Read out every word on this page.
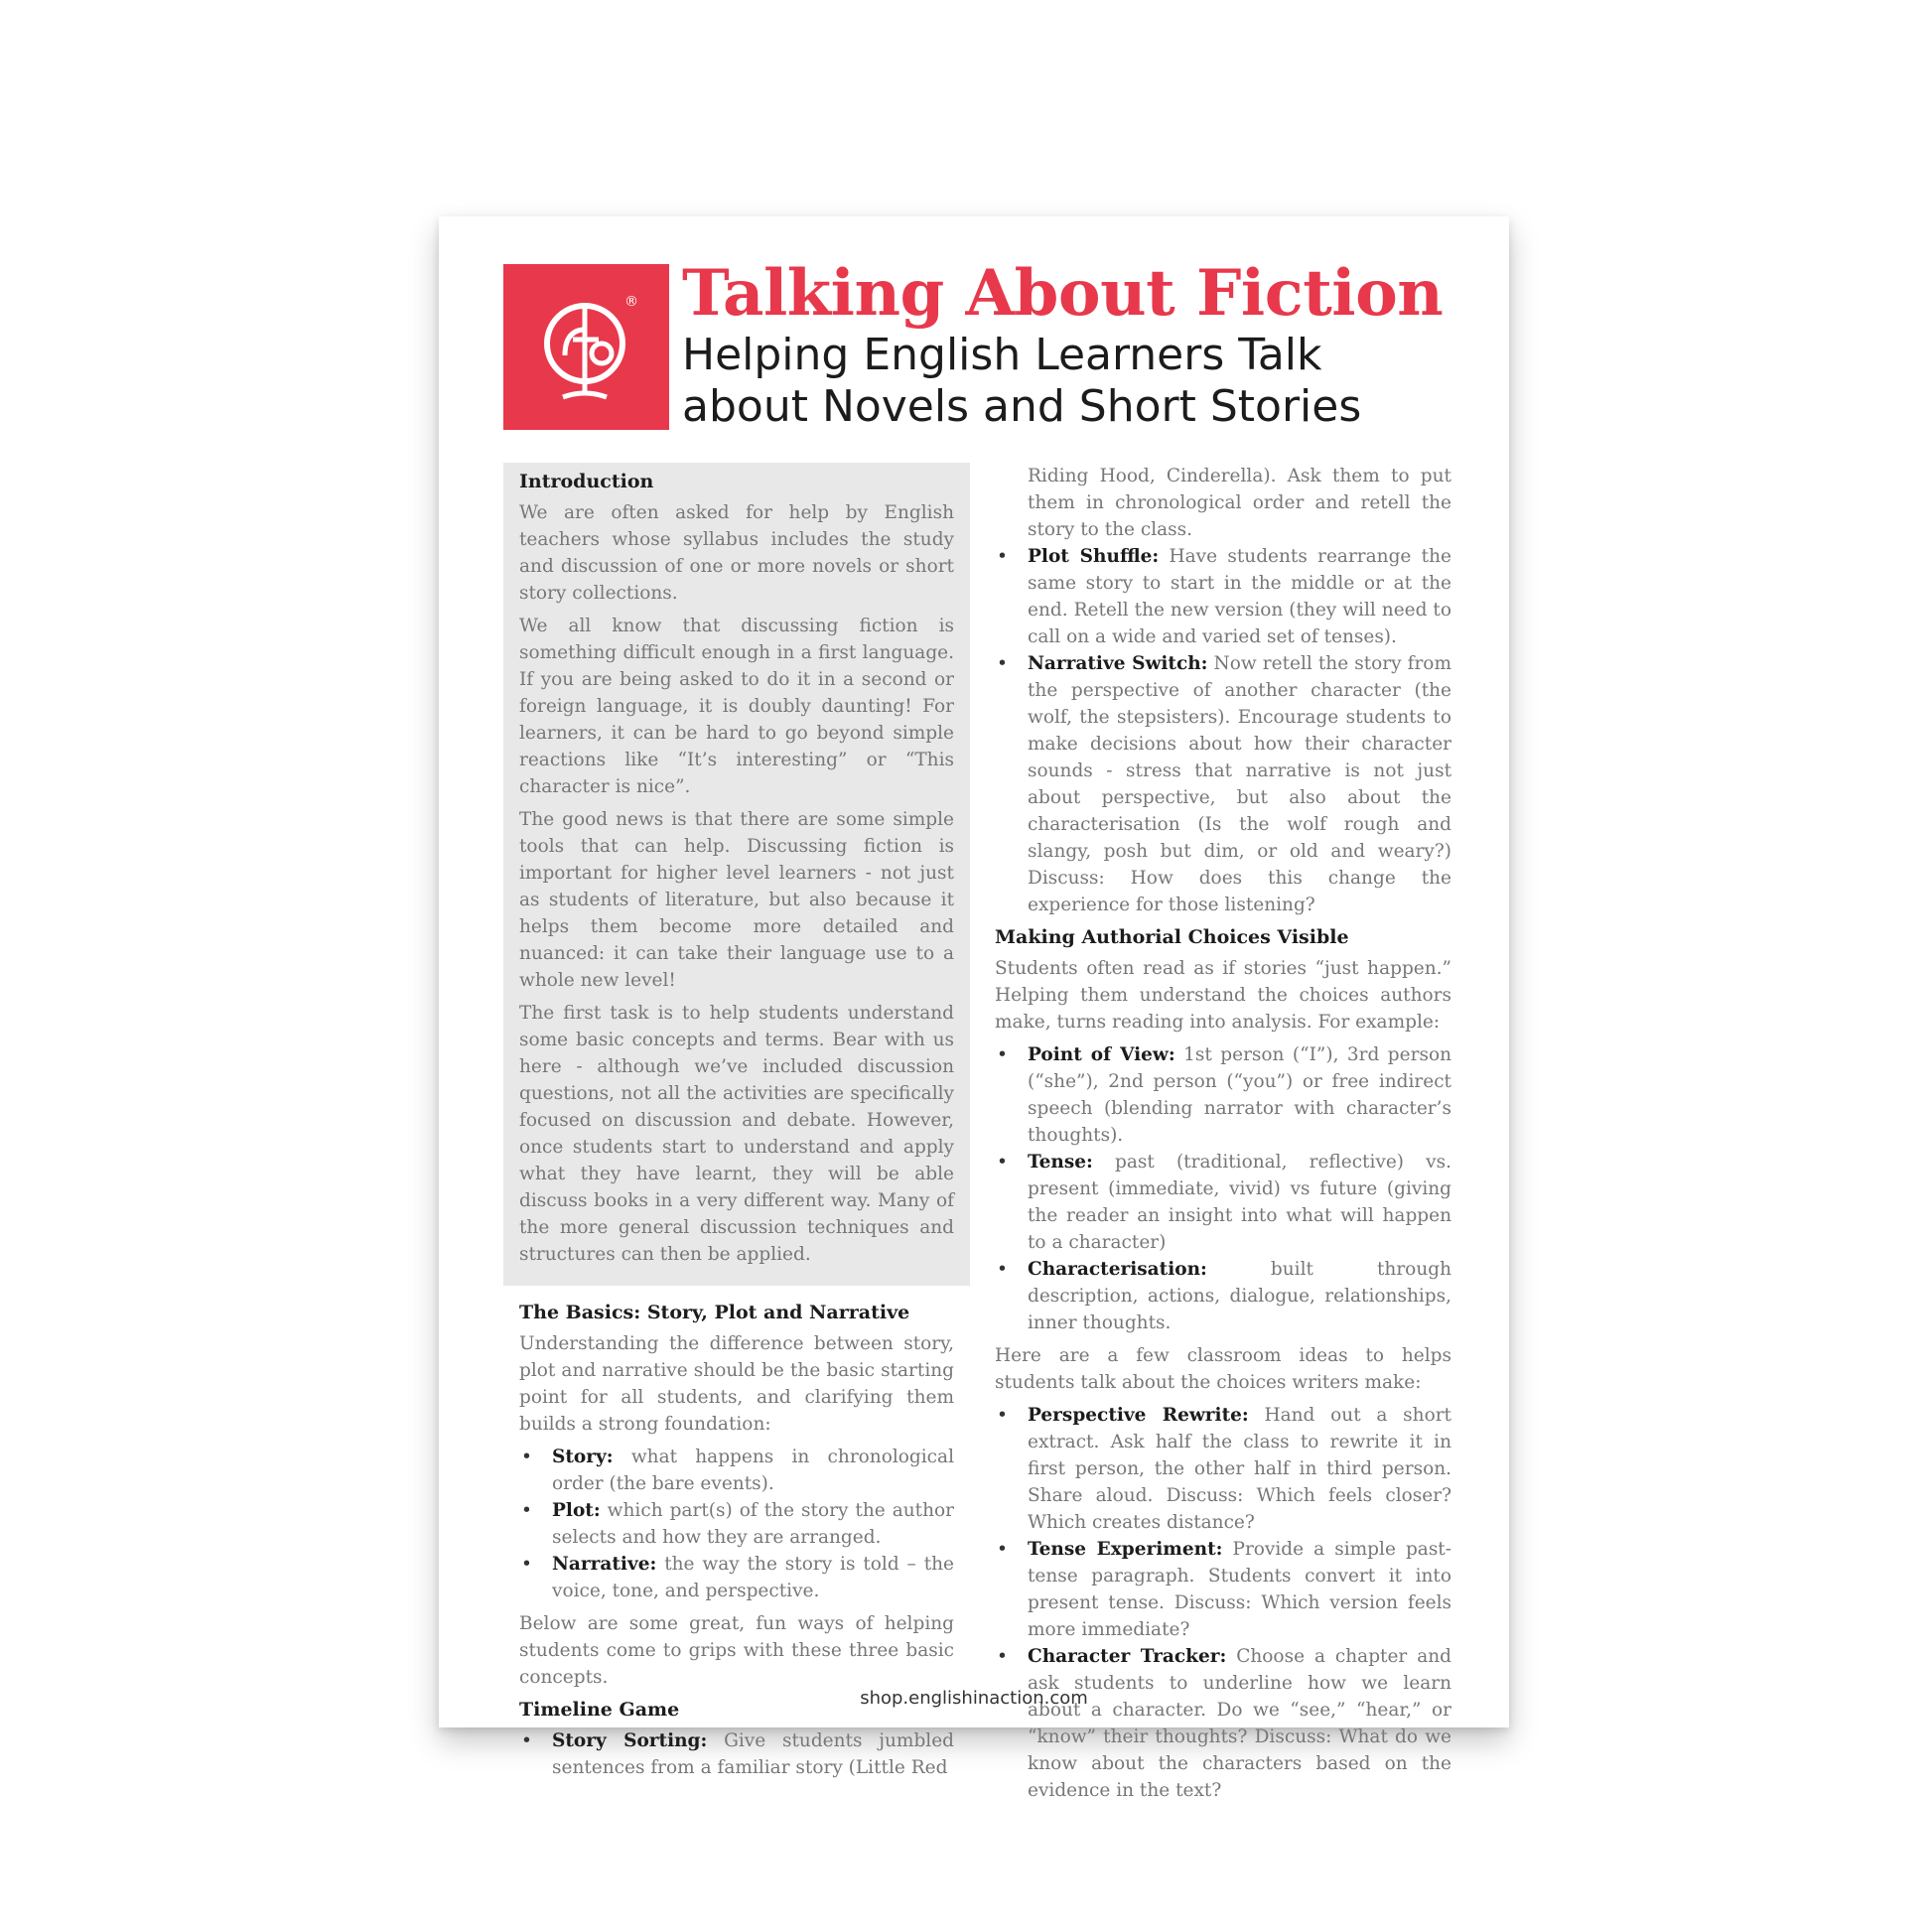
® Talking About Fiction
Helping English Learners Talk
about Novels and Short Stories
Introduction

We are often asked for help by English teachers whose syllabus includes the study and discussion of one or more novels or short story collections.

We all know that discussing fiction is something difficult enough in a first language. If you are being asked to do it in a second or foreign language, it is doubly daunting! For learners, it can be hard to go beyond simple reactions like “It’s interesting” or “This character is nice”.

The good news is that there are some simple tools that can help. Discussing fiction is important for higher level learners - not just as students of literature, but also because it helps them become more detailed and nuanced: it can take their language use to a whole new level!

The first task is to help students understand some basic concepts and terms. Bear with us here - although we’ve included discussion questions, not all the activities are specifically focused on discussion and debate. However, once students start to understand and apply what they have learnt, they will be able discuss books in a very different way. Many of the more general discussion techniques and structures can then be applied.

The Basics: Story, Plot and Narrative

Understanding the difference between story, plot and narrative should be the basic starting point for all students, and clarifying them builds a strong foundation:

• Story: what happens in chronological order (the bare events).
• Plot: which part(s) of the story the author selects and how they are arranged.
• Narrative: the way the story is told – the voice, tone, and perspective.

Below are some great, fun ways of helping students come to grips with these three basic concepts.

Timeline Game
• Story Sorting: Give students jumbled sentences from a familiar story (Little Red

Riding Hood, Cinderella). Ask them to put them in chronological order and retell the story to the class.

• Plot Shuffle: Have students rearrange the same story to start in the middle or at the end. Retell the new version (they will need to call on a wide and varied set of tenses).
• Narrative Switch: Now retell the story from the perspective of another character (the wolf, the stepsisters). Encourage students to make decisions about how their character sounds - stress that narrative is not just about perspective, but also about the characterisation (Is the wolf rough and slangy, posh but dim, or old and weary?) Discuss: How does this change the experience for those listening?
Making Authorial Choices Visible

Students often read as if stories “just happen.” Helping them understand the choices authors make, turns reading into analysis. For example:

• Point of View: 1st person (“I”), 3rd person (“she”), 2nd person (“you”) or free indirect speech (blending narrator with character’s thoughts).
• Tense: past (traditional, reflective) vs. present (immediate, vivid) vs future (giving the reader an insight into what will happen to a character)
• Characterisation: built through description, actions, dialogue, relationships, inner thoughts.

Here are a few classroom ideas to helps students talk about the choices writers make:

• Perspective Rewrite: Hand out a short extract. Ask half the class to rewrite it in first person, the other half in third person. Share aloud. Discuss: Which feels closer? Which creates distance?
• Tense Experiment: Provide a simple past-tense paragraph. Students convert it into present tense. Discuss: Which version feels more immediate?
• Character Tracker: Choose a chapter and ask students to underline how we learn about a character. Do we “see,” “hear,” or “know” their thoughts? Discuss: What do we know about the characters based on the evidence in the text?
shop.englishinaction.com
